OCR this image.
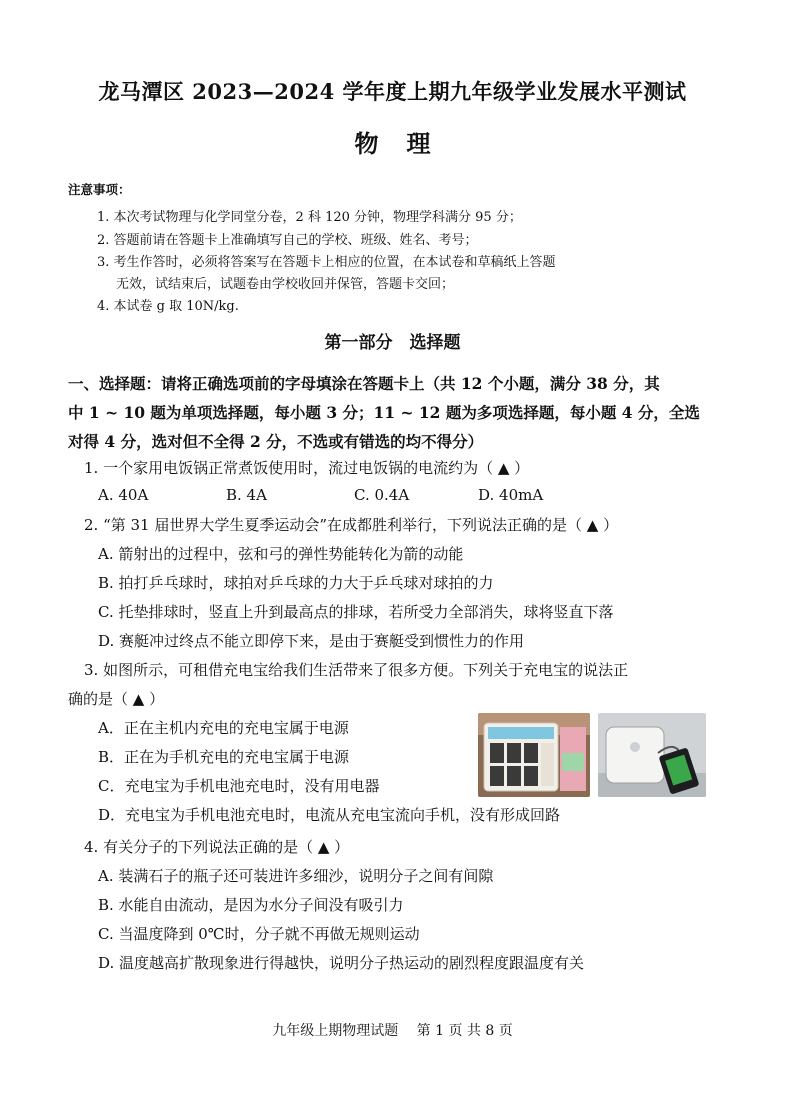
龙马潭区 2023—2024 学年度上期九年级学业发展水平测试
物理
注意事项：
1. 本次考试物理与化学同堂分卷，2 科 120 分钟，物理学科满分 95 分；
2. 答题前请在答题卡上准确填写自己的学校、班级、姓名、考号；
3. 考生作答时，必须将答案写在答题卡上相应的位置，在本试卷和草稿纸上答题
无效，试结束后，试题卷由学校收回并保管，答题卡交回；
4. 本试卷 g 取 10N/kg.
第一部分　选择题
一、选择题：请将正确选项前的字母填涂在答题卡上（共 12 个小题，满分 38 分，其
中 1 ~ 10 题为单项选择题，每小题 3 分；11 ~ 12 题为多项选择题，每小题 4 分，全选
对得 4 分，选对但不全得 2 分，不选或有错选的均不得分）
1. 一个家用电饭锅正常煮饭使用时，流过电饭锅的电流约为（ ▲ ）
A. 40A	B. 4A	C. 0.4A	D. 40mA
2. “第 31 届世界大学生夏季运动会”在成都胜利举行，下列说法正确的是（ ▲ ）
A. 箭射出的过程中，弦和弓的弹性势能转化为箭的动能
B. 拍打乒乓球时，球拍对乒乓球的力大于乒乓球对球拍的力
C. 托垫排球时，竖直上升到最高点的排球，若所受力全部消失，球将竖直下落
D. 赛艇冲过终点不能立即停下来，是由于赛艇受到惯性力的作用
3. 如图所示，可租借充电宝给我们生活带来了很多方便。下列关于充电宝的说法正
确的是（ ▲ ）
A．正在主机内充电的充电宝属于电源
B．正在为手机充电的充电宝属于电源
C．充电宝为手机电池充电时，没有用电器
D．充电宝为手机电池充电时，电流从充电宝流向手机，没有形成回路
4. 有关分子的下列说法正确的是（ ▲ ）
A. 装满石子的瓶子还可装进许多细沙，说明分子之间有间隙
B. 水能自由流动，是因为水分子间没有吸引力
C. 当温度降到 0℃时，分子就不再做无规则运动
D. 温度越高扩散现象进行得越快，说明分子热运动的剧烈程度跟温度有关
九年级上期物理试题　 第 1 页 共 8 页
